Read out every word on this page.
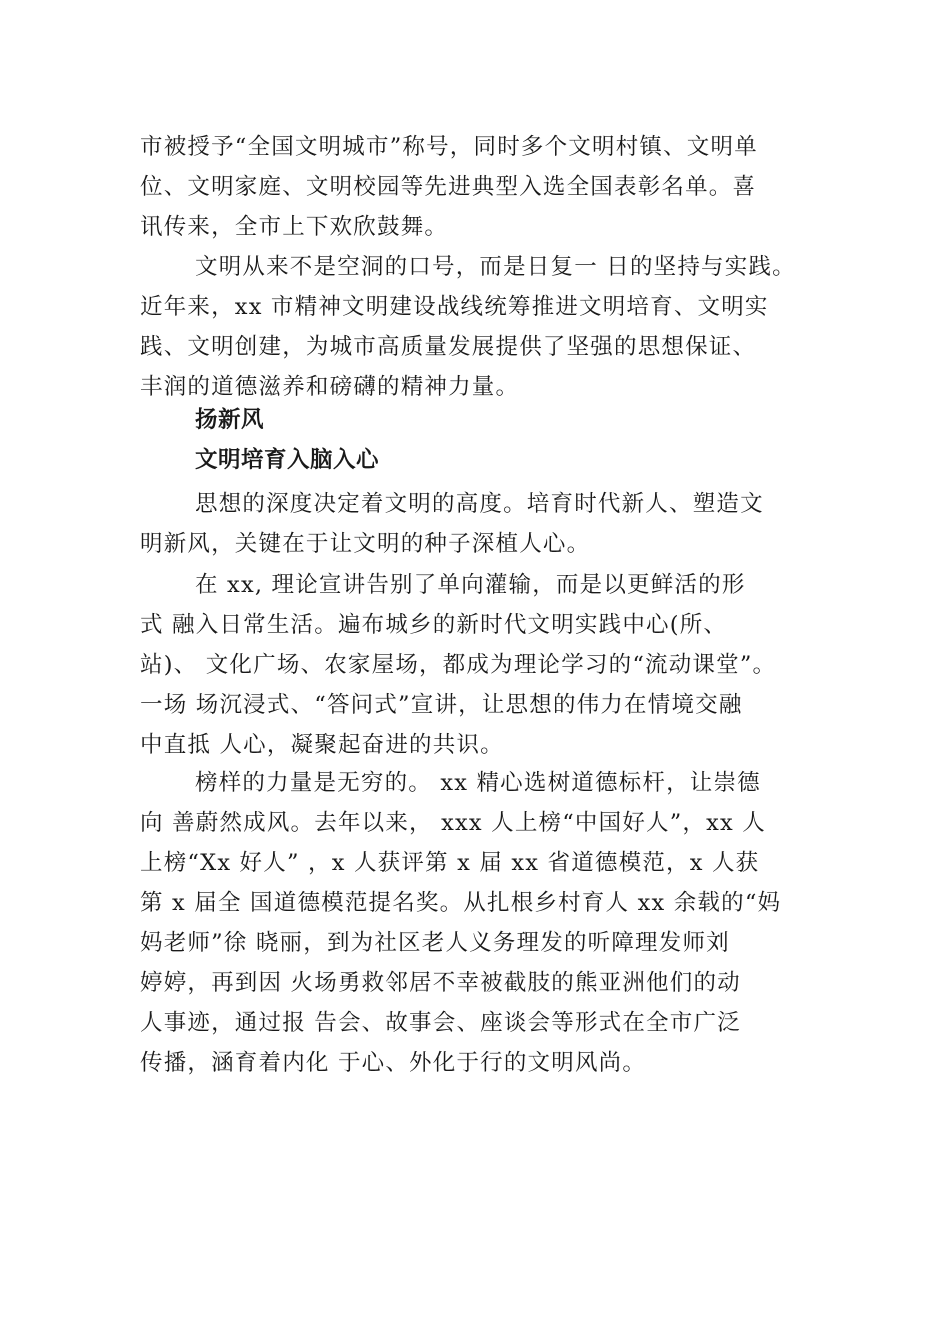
市被授予“全国文明城市”称号，同时多个文明村镇、文明单
位、文明家庭、文明校园等先进典型入选全国表彰名单。喜
讯传来，全市上下欢欣鼓舞。
文明从来不是空洞的口号，而是日复一 日的坚持与实践。
近年来，xx 市精神文明建设战线统筹推进文明培育、文明实
践、文明创建，为城市高质量发展提供了坚强的思想保证、
丰润的道德滋养和磅礴的精神力量。
扬新风
文明培育入脑入心
思想的深度决定着文明的高度。培育时代新人、塑造文
明新风，关键在于让文明的种子深植人心。
在 xx, 理论宣讲告别了单向灌输，而是以更鲜活的形
式 融入日常生活。遍布城乡的新时代文明实践中心(所、
站)、 文化广场、农家屋场，都成为理论学习的“流动课堂”。
一场 场沉浸式、“答问式”宣讲，让思想的伟力在情境交融
中直抵 人心，凝聚起奋进的共识。
榜样的力量是无穷的。 xx 精心选树道德标杆，让崇德
向 善蔚然成风。去年以来， xxx 人上榜“中国好人”，xx 人
上榜“Xx 好人” ，x 人获评第 x 届 xx 省道德模范，x 人获
第 x 届全 国道德模范提名奖。从扎根乡村育人 xx 余载的“妈
妈老师”徐 晓丽，到为社区老人义务理发的听障理发师刘
婷婷，再到因 火场勇救邻居不幸被截肢的熊亚洲他们的动
人事迹，通过报 告会、故事会、座谈会等形式在全市广泛
传播，涵育着内化 于心、外化于行的文明风尚。
